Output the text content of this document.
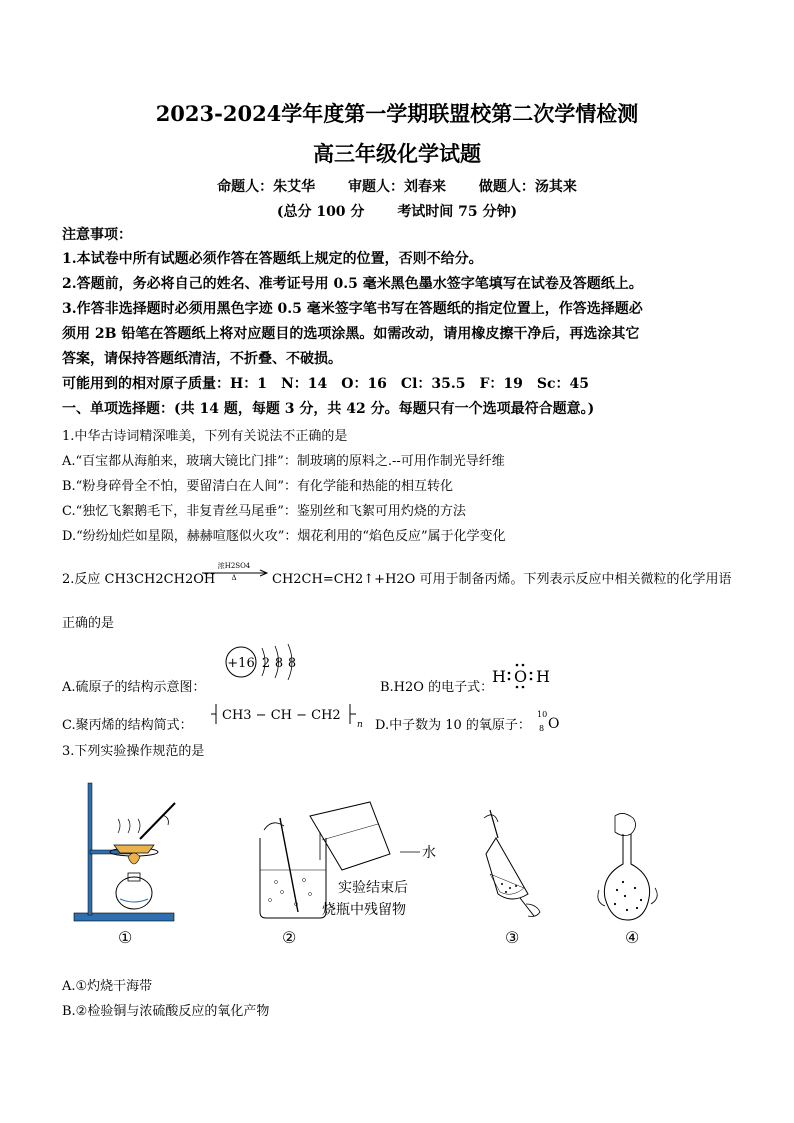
2023-2024学年度第一学期联盟校第二次学情检测
高三年级化学试题
命题人：朱艾华 审题人：刘春来 做题人：汤其来
(总分 100 分 考试时间 75 分钟)
注意事项：
1.本试卷中所有试题必须作答在答题纸上规定的位置，否则不给分。
2.答题前，务必将自己的姓名、准考证号用 0.5 毫米黑色墨水签字笔填写在试卷及答题纸上。
3.作答非选择题时必须用黑色字迹 0.5 毫米签字笔书写在答题纸的指定位置上，作答选择题必
须用 2B 铅笔在答题纸上将对应题目的选项涂黑。如需改动，请用橡皮擦干净后，再选涂其它
答案，请保持答题纸清洁，不折叠、不破损。
可能用到的相对原子质量：H：1　N：14　O：16　Cl：35.5　F：19　Sc：45
一、单项选择题：(共 14 题，每题 3 分，共 42 分。每题只有一个选项最符合题意。)
1.中华古诗词精深唯美，下列有关说法不正确的是
A.“百宝都从海舶来，玻璃大镜比门排”：制玻璃的原料之.--可用作制光导纤维
B.“粉身碎骨全不怕，要留清白在人间”：有化学能和热能的相互转化
C.“独忆飞絮鹅毛下，非复青丝马尾垂”：鉴别丝和飞絮可用灼烧的方法
D.“纷纷灿烂如星陨，赫赫喧豗似火攻”：烟花利用的“焰色反应”属于化学变化
2.反应 CH3CH2CH2OH
浓H2SO4
Δ	CH2CH=CH2↑+H2O 可用于制备丙烯。下列表示反应中相关微粒的化学用语
正确的是
A.硫原子的结构示意图：
+16 2 8 8
B.H2O 的电子式：
H O H
C.聚丙烯的结构简式：
CH3 − CH − CH2
n D.中子数为 10 的氧原子：
10
8 O
3.下列实验操作规范的是
①
水
实验结束后
烧瓶中残留物
②	③	④
A.①灼烧干海带
B.②检验铜与浓硫酸反应的氧化产物
